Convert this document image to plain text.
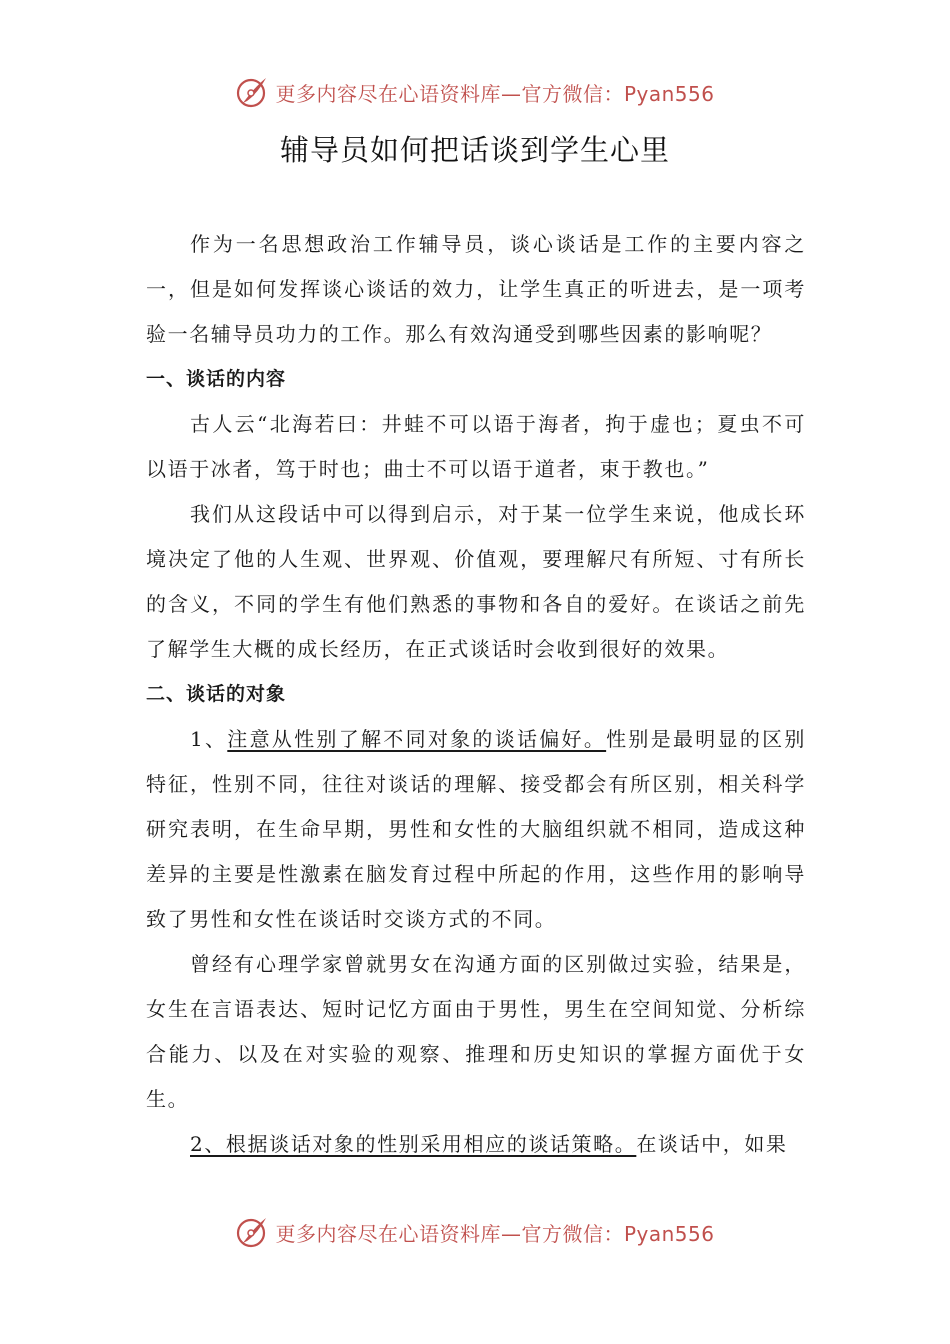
更多内容尽在心语资料库—官方微信：Pyan556
辅导员如何把话谈到学生心里

作为一名思想政治工作辅导员，谈心谈话是工作的主要内容之一，但是如何发挥谈心谈话的效力，让学生真正的听进去，是一项考验一名辅导员功力的工作。那么有效沟通受到哪些因素的影响呢？

一、谈话的内容

古人云“北海若曰：井蛙不可以语于海者，拘于虚也；夏虫不可 以语于冰者，笃于时也；曲士不可以语于道者，束于教也。”

我们从这段话中可以得到启示，对于某一位学生来说，他成长环境决定了他的人生观、世界观、价值观，要理解尺有所短、寸有所长的含义，不同的学生有他们熟悉的事物和各自的爱好。在谈话之前先了解学生大概的成长经历，在正式谈话时会收到很好的效果。

二、谈话的对象

1、注意从性别了解不同对象的谈话偏好。性别是最明显的区别特征，性别不同，往往对谈话的理解、接受都会有所区别，相关科学 研究表明，在生命早期，男性和女性的大脑组织就不相同，造成这种 差异的主要是性激素在脑发育过程中所起的作用，这些作用的影响导 致了男性和女性在谈话时交谈方式的不同。

曾经有心理学家曾就男女在沟通方面的区别做过实验，结果是，女生在言语表达、短时记忆方面由于男性，男生在空间知觉、分析综合能力、以及在对实验的观察、推理和历史知识的掌握方面优于女生。

2、根据谈话对象的性别采用相应的谈话策略。在谈话中，如果

更多内容尽在心语资料库—官方微信：Pyan556
